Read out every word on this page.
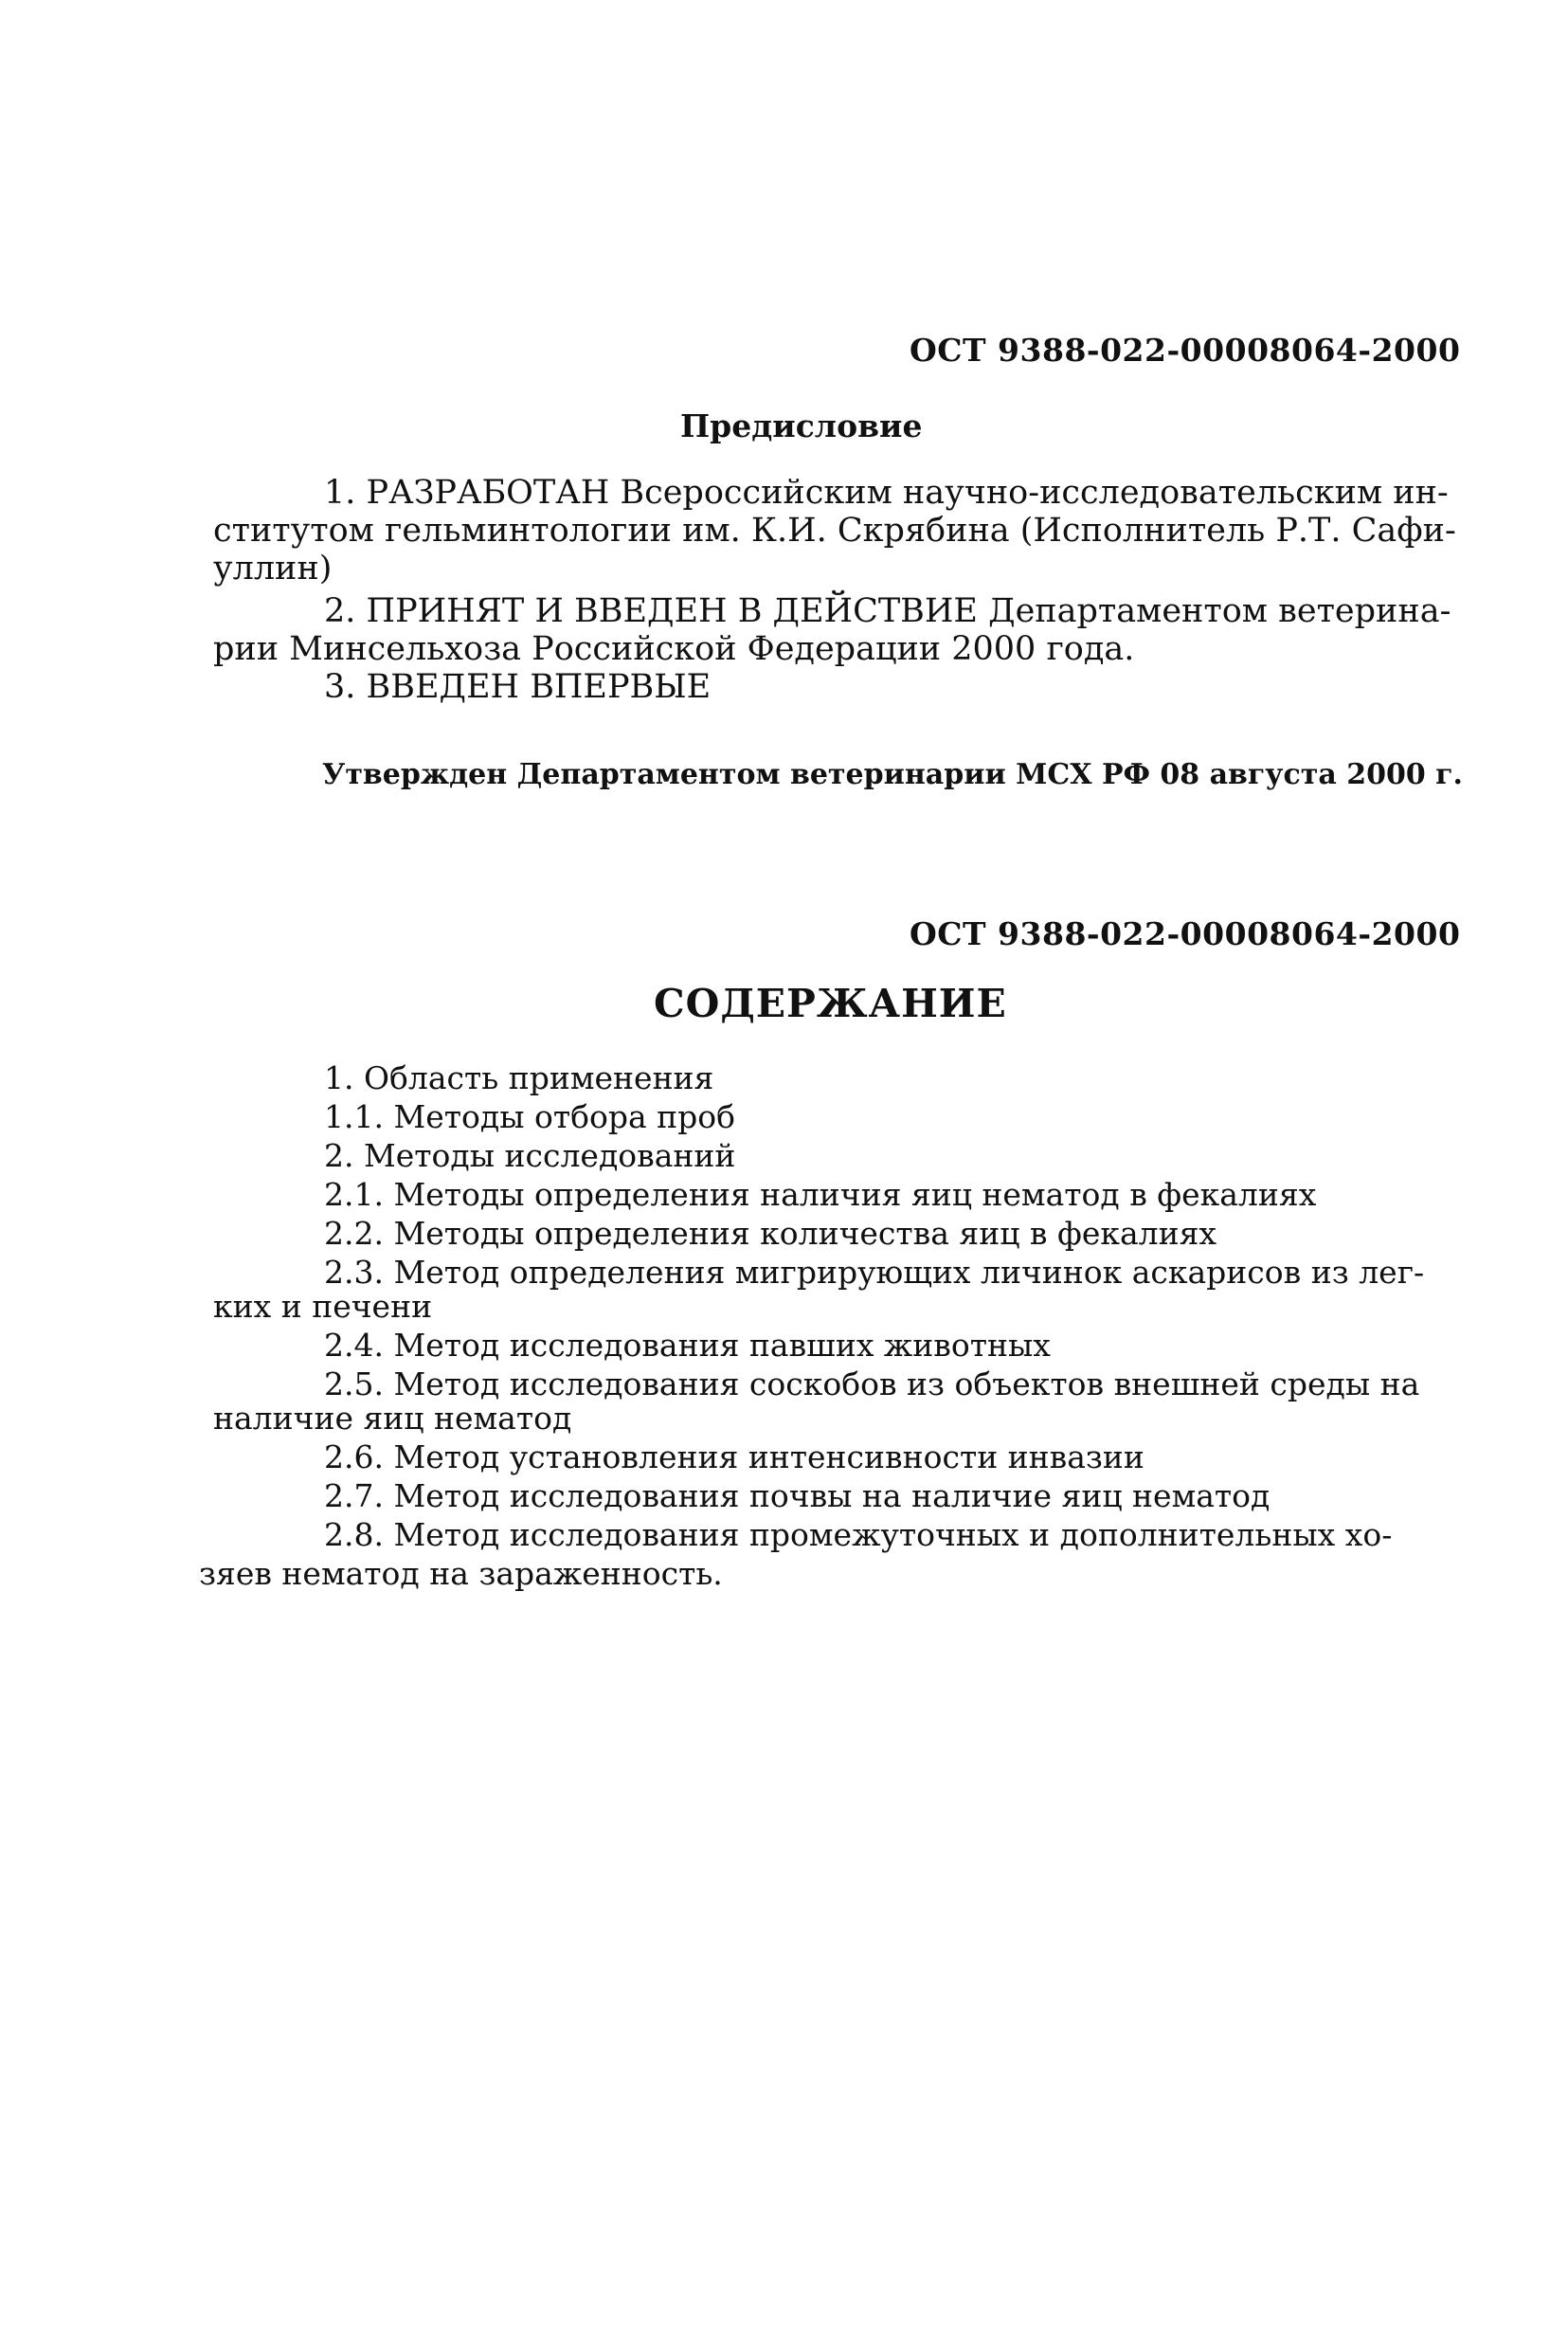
ОСТ 9388-022-00008064-2000
Предисловие
1. РАЗРАБОТАН Всероссийским научно-исследовательским ин-
ститутом гельминтологии им. К.И. Скрябина (Исполнитель Р.Т. Сафи-
уллин)
2. ПРИНЯТ И ВВЕДЕН В ДЕЙСТВИЕ Департаментом ветерина-
рии Минсельхоза Российской Федерации 2000 года.
3. ВВЕДЕН ВПЕРВЫЕ
Утвержден Департаментом ветеринарии МСХ РФ 08 августа 2000 г.
ОСТ 9388-022-00008064-2000
СОДЕРЖАНИЕ
1. Область применения
1.1. Методы отбора проб
2. Методы исследований
2.1. Методы определения наличия яиц нематод в фекалиях
2.2. Методы определения количества яиц в фекалиях
2.3. Метод определения мигрирующих личинок аскарисов из лег-
ких и печени
2.4. Метод исследования павших животных
2.5. Метод исследования соскобов из объектов внешней среды на
наличие яиц нематод
2.6. Метод установления интенсивности инвазии
2.7. Метод исследования почвы на наличие яиц нематод
2.8. Метод исследования промежуточных и дополнительных хо-
зяев нематод на зараженность.
